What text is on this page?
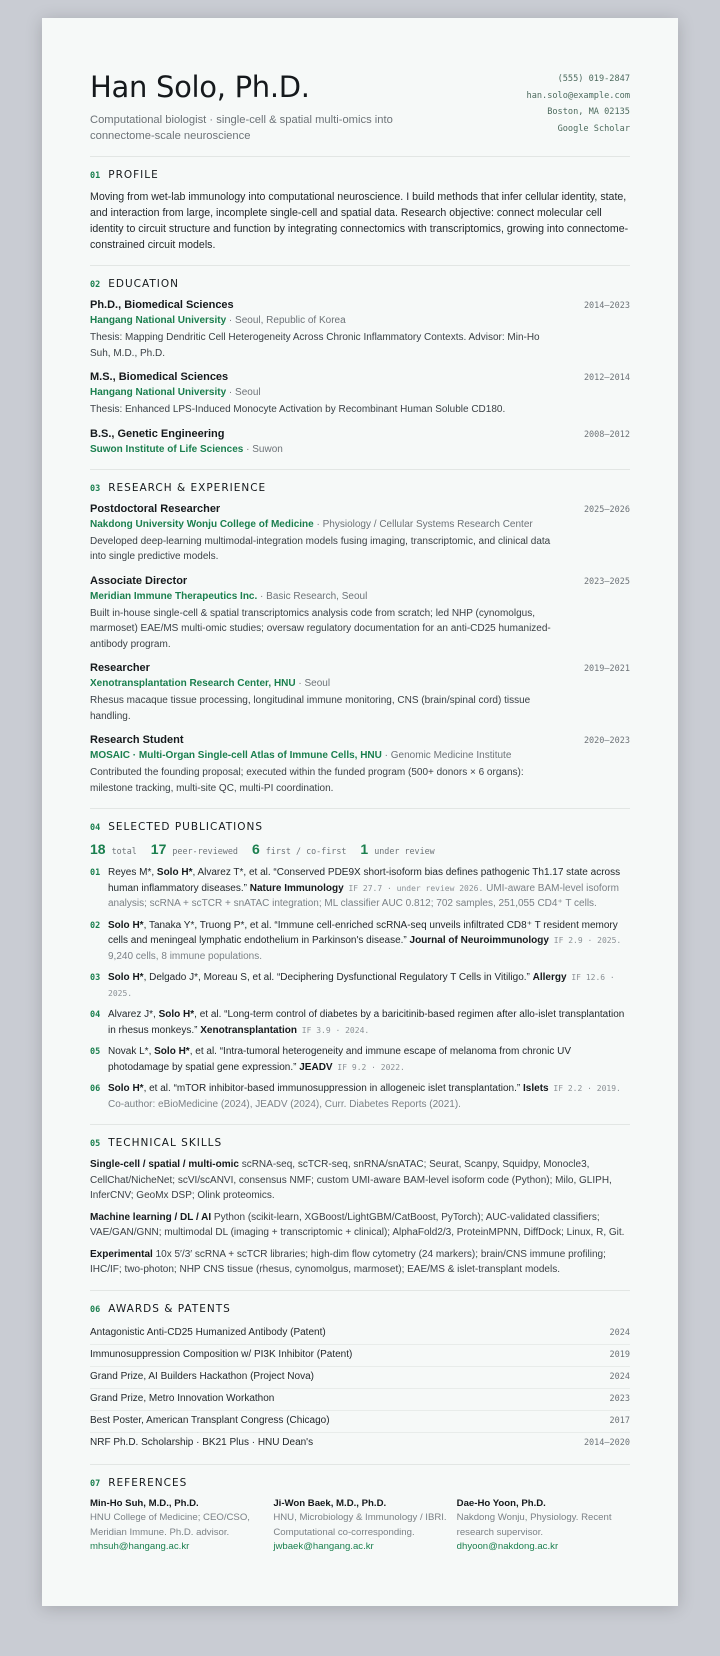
Han Solo, Ph.D.
Computational biologist · single-cell & spatial multi-omics into connectome-scale neuroscience
(555) 019-2847
han.solo@example.com
Boston, MA 02135
Google Scholar
01 PROFILE
Moving from wet-lab immunology into computational neuroscience. I build methods that infer cellular identity, state, and interaction from large, incomplete single-cell and spatial data. Research objective: connect molecular cell identity to circuit structure and function by integrating connectomics with transcriptomics, growing into connectome-constrained circuit models.
02 EDUCATION
Ph.D., Biomedical Sciences	2014–2023
Hangang National University · Seoul, Republic of Korea
Thesis: Mapping Dendritic Cell Heterogeneity Across Chronic Inflammatory Contexts. Advisor: Min-Ho Suh, M.D., Ph.D.
M.S., Biomedical Sciences	2012–2014
Hangang National University · Seoul
Thesis: Enhanced LPS-Induced Monocyte Activation by Recombinant Human Soluble CD180.
B.S., Genetic Engineering	2008–2012
Suwon Institute of Life Sciences · Suwon
03 RESEARCH & EXPERIENCE
Postdoctoral Researcher	2025–2026
Nakdong University Wonju College of Medicine · Physiology / Cellular Systems Research Center
Developed deep-learning multimodal-integration models fusing imaging, transcriptomic, and clinical data into single predictive models.
Associate Director	2023–2025
Meridian Immune Therapeutics Inc. · Basic Research, Seoul
Built in-house single-cell & spatial transcriptomics analysis code from scratch; led NHP (cynomolgus, marmoset) EAE/MS multi-omic studies; oversaw regulatory documentation for an anti-CD25 humanized-antibody program.
Researcher	2019–2021
Xenotransplantation Research Center, HNU · Seoul
Rhesus macaque tissue processing, longitudinal immune monitoring, CNS (brain/spinal cord) tissue handling.
Research Student	2020–2023
MOSAIC · Multi-Organ Single-cell Atlas of Immune Cells, HNU · Genomic Medicine Institute
Contributed the founding proposal; executed within the funded program (500+ donors × 6 organs): milestone tracking, multi-site QC, multi-PI coordination.
04 SELECTED PUBLICATIONS
18 total 17 peer-reviewed 6 first / co-first 1 under review
01 Reyes M*, Solo H*, Alvarez T*, et al. “Conserved PDE9X short-isoform bias defines pathogenic Th1.17 state across human inflammatory diseases.” Nature Immunology IF 27.7 · under review 2026. UMI-aware BAM-level isoform analysis; scRNA + scTCR + snATAC integration; ML classifier AUC 0.812; 702 samples, 251,055 CD4⁺ T cells.
02 Solo H*, Tanaka Y*, Truong P*, et al. “Immune cell-enriched scRNA-seq unveils infiltrated CD8⁺ T resident memory cells and meningeal lymphatic endothelium in Parkinson's disease.” Journal of Neuroimmunology IF 2.9 · 2025. 9,240 cells, 8 immune populations.
03 Solo H*, Delgado J*, Moreau S, et al. “Deciphering Dysfunctional Regulatory T Cells in Vitiligo.” Allergy IF 12.6 · 2025.
04 Alvarez J*, Solo H*, et al. “Long-term control of diabetes by a baricitinib-based regimen after allo-islet transplantation in rhesus monkeys.” Xenotransplantation IF 3.9 · 2024.
05 Novak L*, Solo H*, et al. “Intra-tumoral heterogeneity and immune escape of melanoma from chronic UV photodamage by spatial gene expression.” JEADV IF 9.2 · 2022.
06 Solo H*, et al. “mTOR inhibitor-based immunosuppression in allogeneic islet transplantation.” Islets IF 2.2 · 2019. Co-author: eBioMedicine (2024), JEADV (2024), Curr. Diabetes Reports (2021).
05 TECHNICAL SKILLS
Single-cell / spatial / multi-omic scRNA-seq, scTCR-seq, snRNA/snATAC; Seurat, Scanpy, Squidpy, Monocle3, CellChat/NicheNet; scVI/scANVI, consensus NMF; custom UMI-aware BAM-level isoform code (Python); Milo, GLIPH, InferCNV; GeoMx DSP; Olink proteomics.
Machine learning / DL / AI Python (scikit-learn, XGBoost/LightGBM/CatBoost, PyTorch); AUC-validated classifiers; VAE/GAN/GNN; multimodal DL (imaging + transcriptomic + clinical); AlphaFold2/3, ProteinMPNN, DiffDock; Linux, R, Git.
Experimental 10x 5′/3′ scRNA + scTCR libraries; high-dim flow cytometry (24 markers); brain/CNS immune profiling; IHC/IF; two-photon; NHP CNS tissue (rhesus, cynomolgus, marmoset); EAE/MS & islet-transplant models.
06 AWARDS & PATENTS
Antagonistic Anti-CD25 Humanized Antibody (Patent)	2024
Immunosuppression Composition w/ PI3K Inhibitor (Patent)	2019
Grand Prize, AI Builders Hackathon (Project Nova)	2024
Grand Prize, Metro Innovation Workathon	2023
Best Poster, American Transplant Congress (Chicago)	2017
NRF Ph.D. Scholarship · BK21 Plus · HNU Dean's	2014–2020
07 REFERENCES
Min-Ho Suh, M.D., Ph.D.
HNU College of Medicine; CEO/CSO, Meridian Immune. Ph.D. advisor.
mhsuh@hangang.ac.kr
Ji-Won Baek, M.D., Ph.D.
HNU, Microbiology & Immunology / IBRI. Computational co-corresponding.
jwbaek@hangang.ac.kr
Dae-Ho Yoon, Ph.D.
Nakdong Wonju, Physiology. Recent research supervisor.
dhyoon@nakdong.ac.kr
